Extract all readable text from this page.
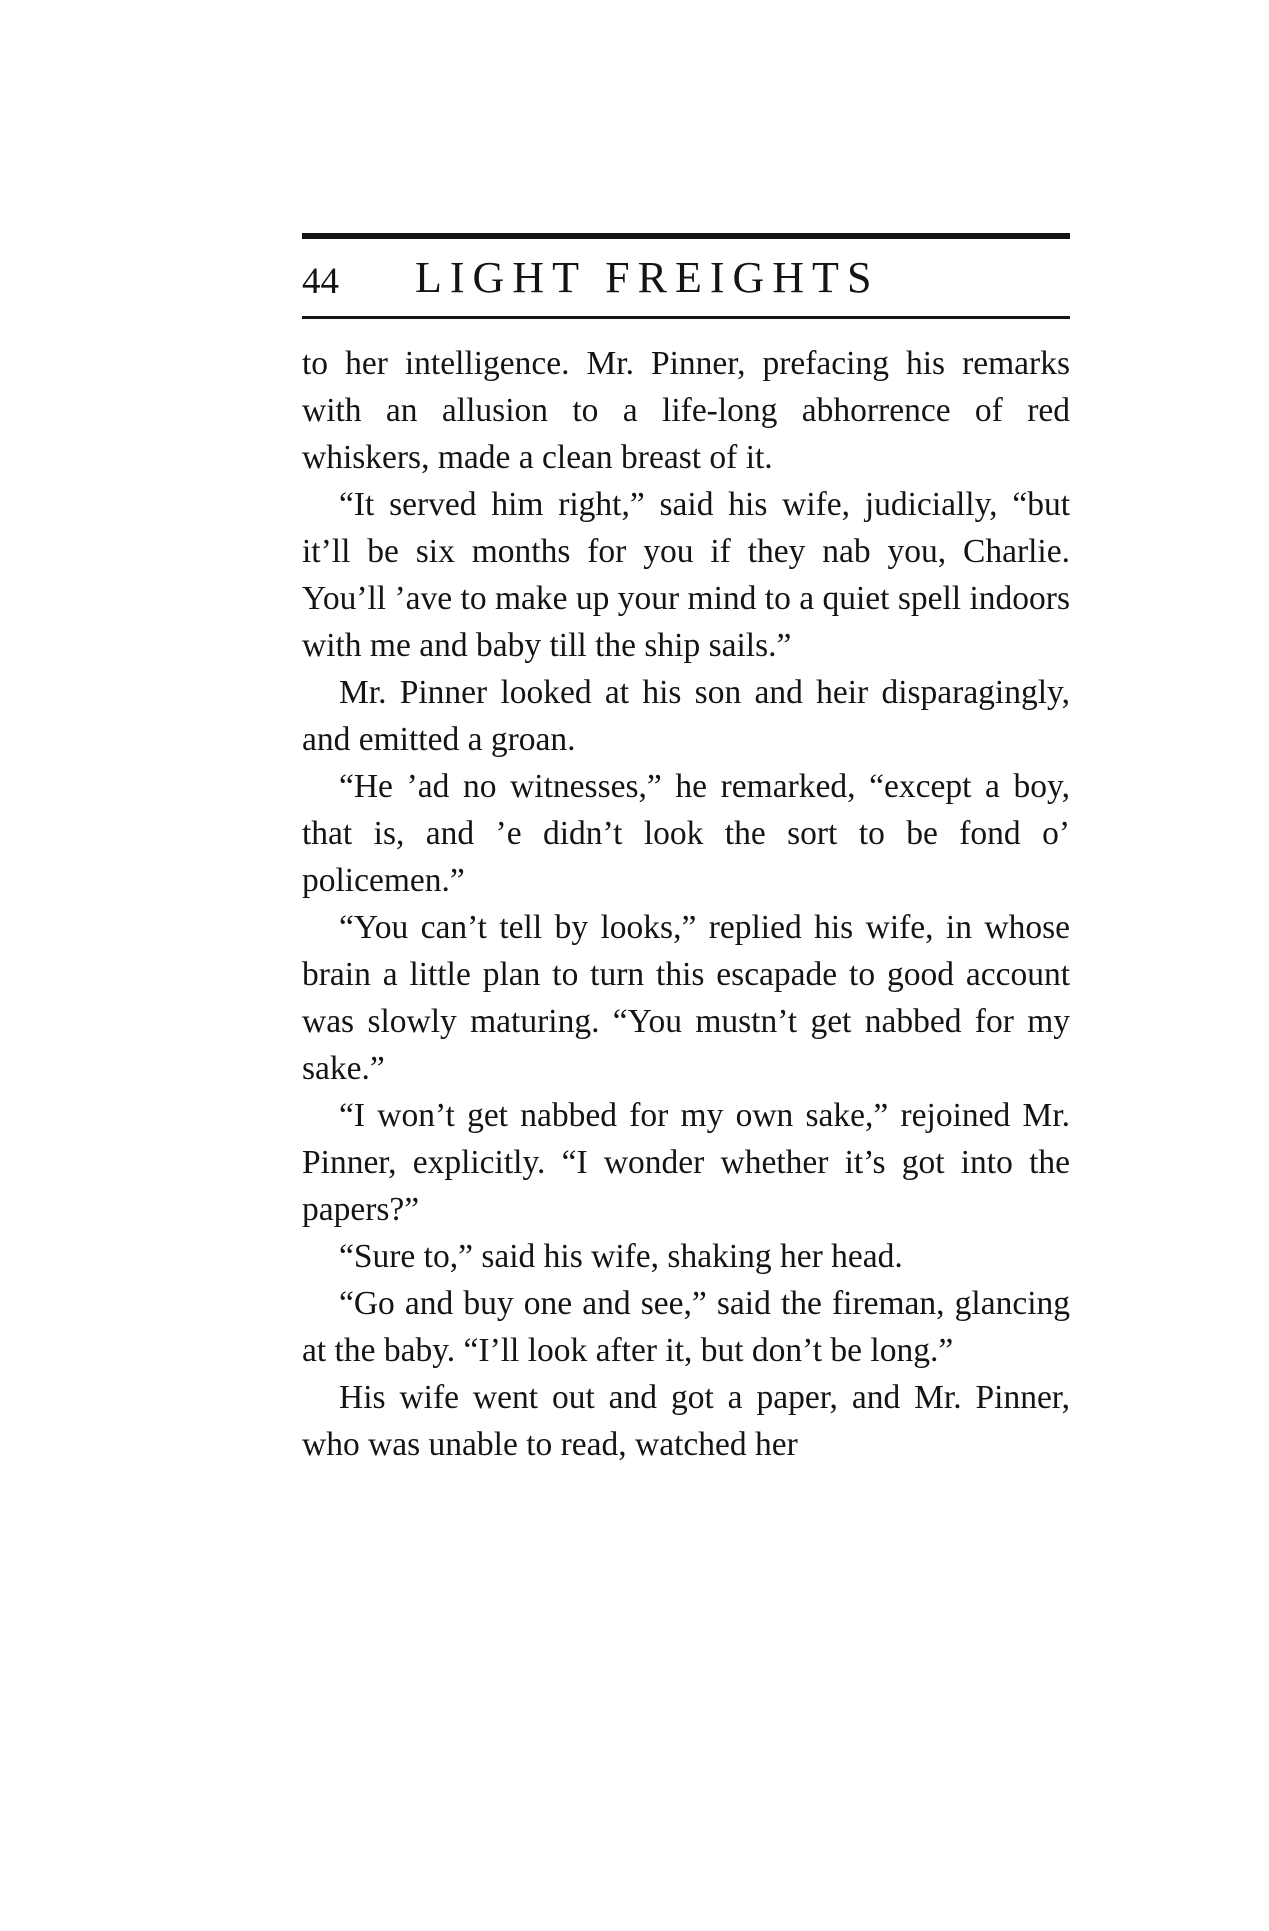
44 LIGHT FREIGHTS

to her intelligence. Mr. Pinner, prefacing his remarks with an allusion to a life-long abhorrence of red whiskers, made a clean breast of it.

“It served him right,” said his wife, judicially, “but it’ll be six months for you if they nab you, Charlie. You’ll ’ave to make up your mind to a quiet spell indoors with me and baby till the ship sails.”

Mr. Pinner looked at his son and heir disparagingly, and emitted a groan.

“He ’ad no witnesses,” he remarked, “except a boy, that is, and ’e didn’t look the sort to be fond o’ policemen.”

“You can’t tell by looks,” replied his wife, in whose brain a little plan to turn this escapade to good account was slowly maturing. “You mustn’t get nabbed for my sake.”

“I won’t get nabbed for my own sake,” rejoined Mr. Pinner, explicitly. “I wonder whether it’s got into the papers?”

“Sure to,” said his wife, shaking her head.

“Go and buy one and see,” said the fireman, glancing at the baby. “I’ll look after it, but don’t be long.”

His wife went out and got a paper, and Mr. Pinner, who was unable to read, watched her
